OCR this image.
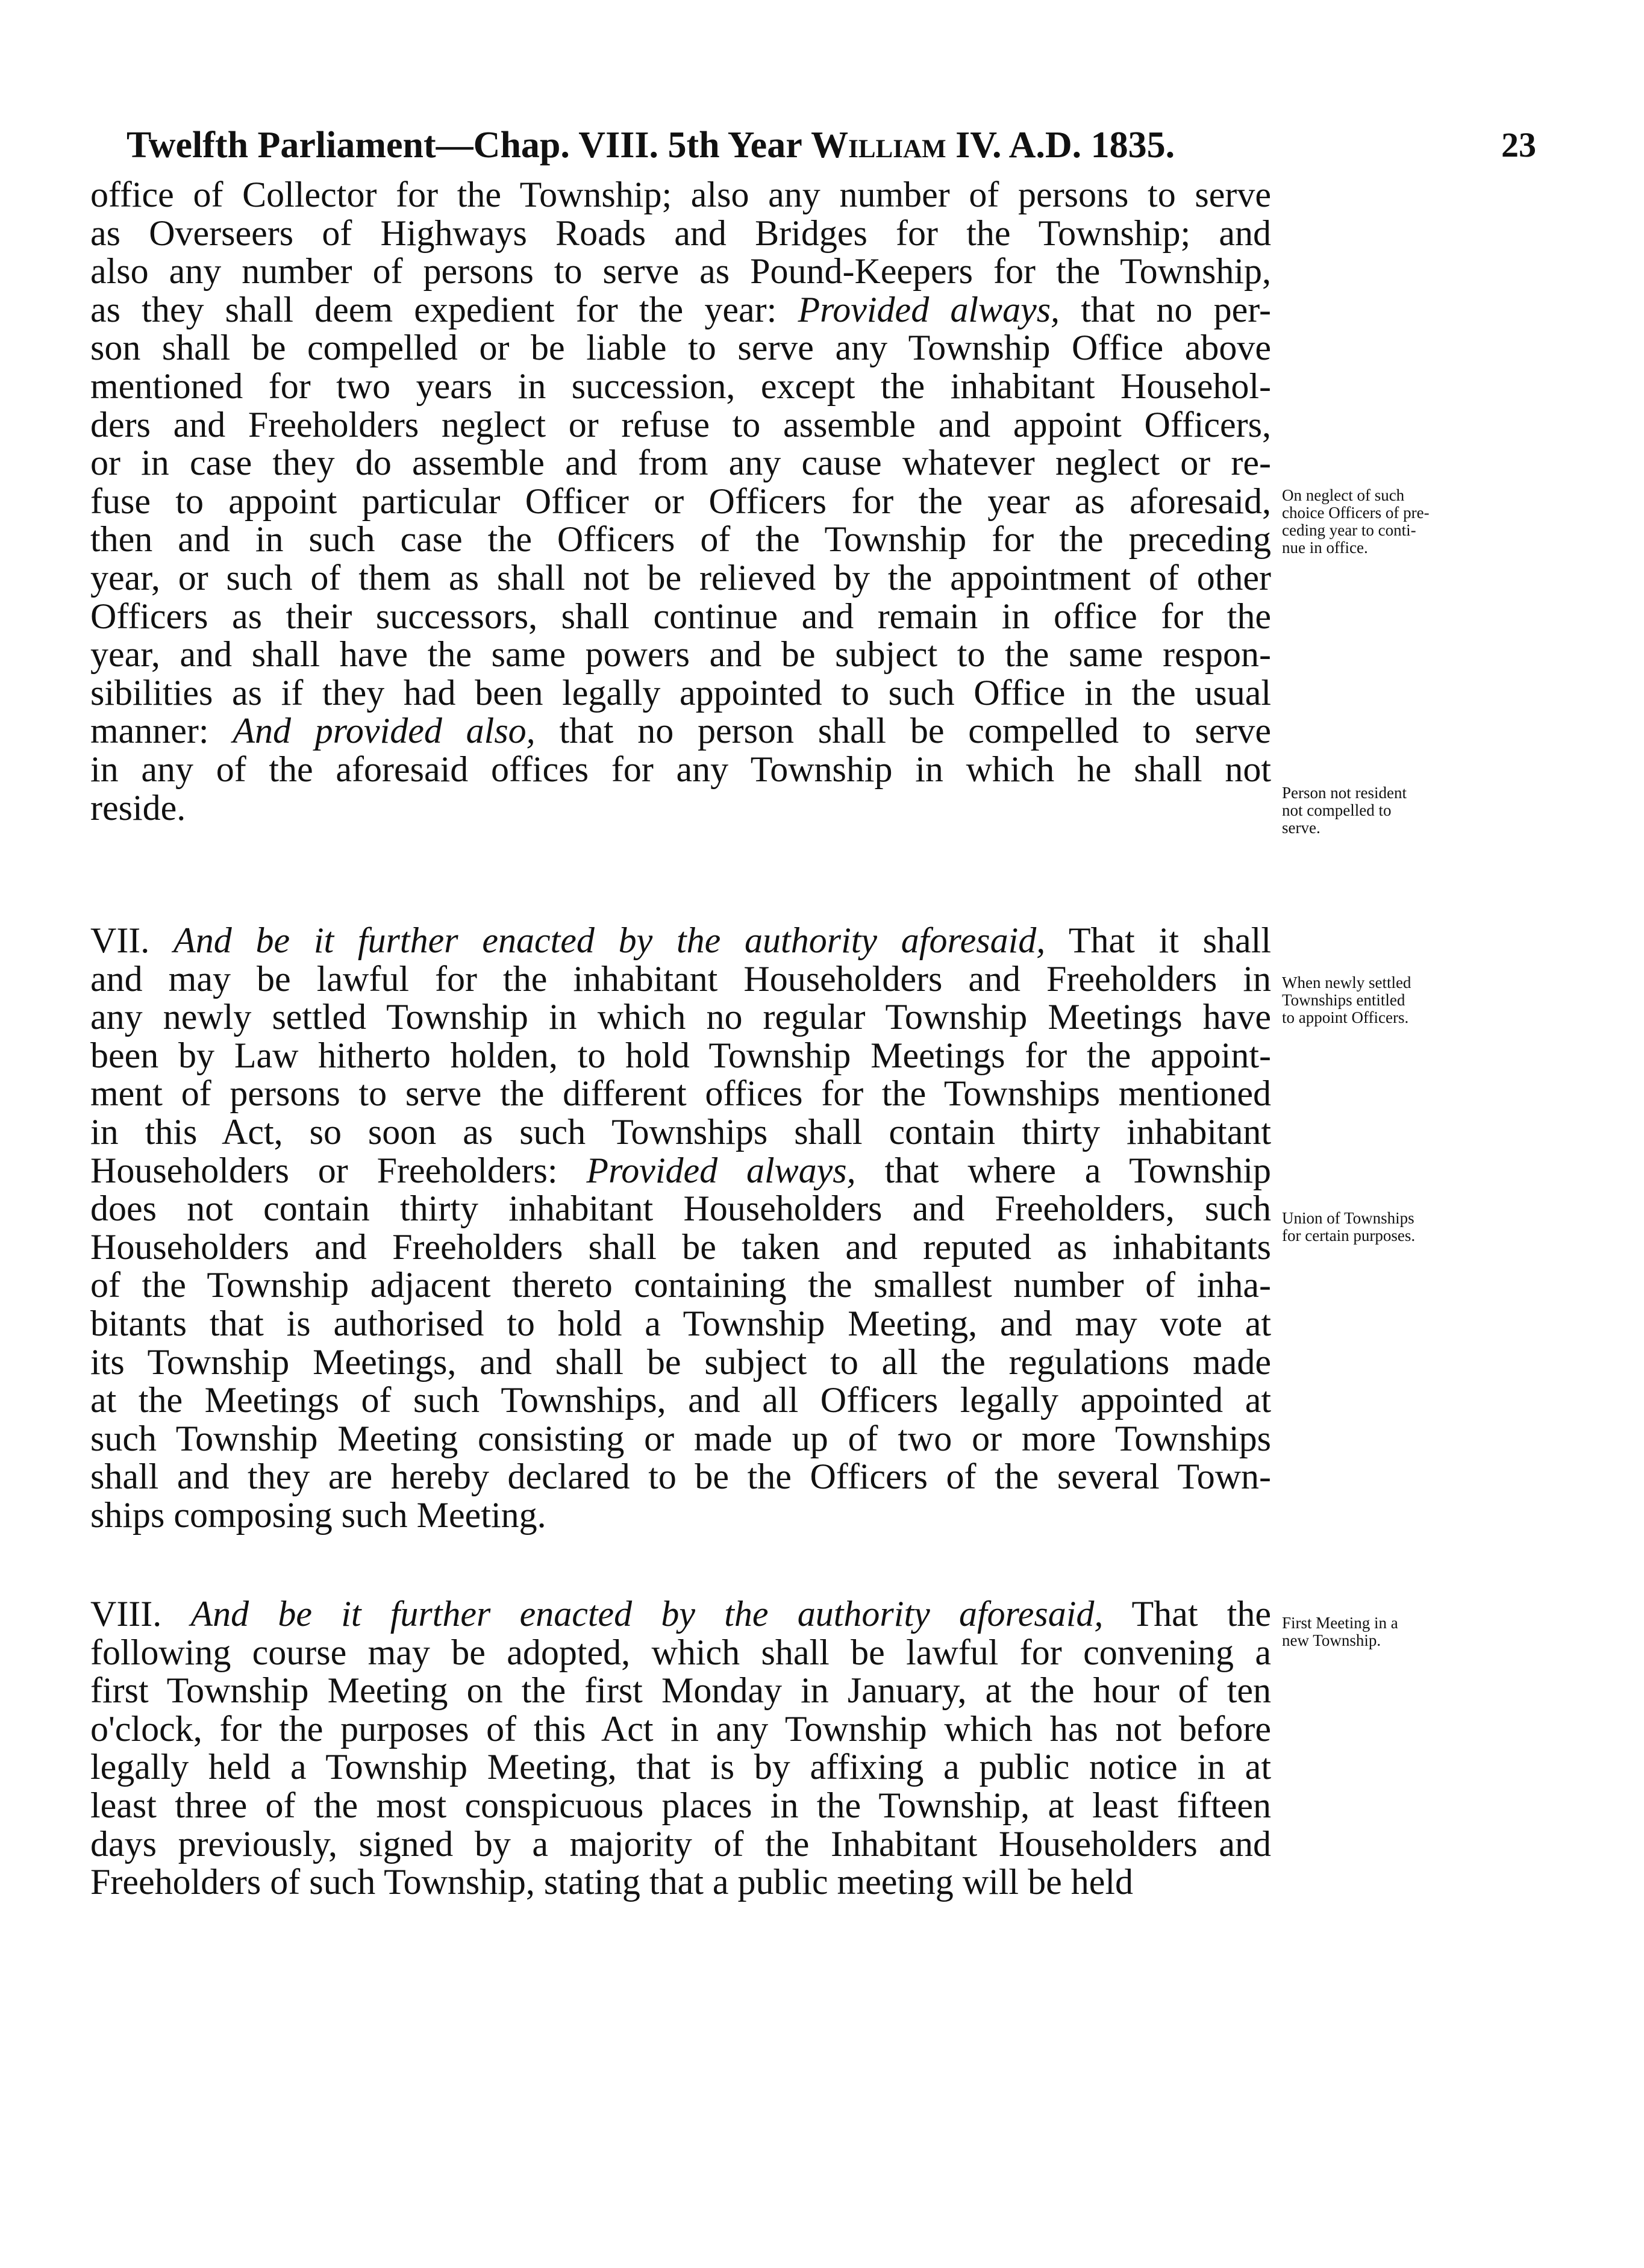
Twelfth Parliament—Chap. VIII. 5th Year William IV. A.D. 1835.	23
office of Collector for the Township; also any number of persons to serve
as Overseers of Highways Roads and Bridges for the Township; and
also any number of persons to serve as Pound-Keepers for the Township,
as they shall deem expedient for the year: Provided always, that no per-
son shall be compelled or be liable to serve any Township Office above
mentioned for two years in succession, except the inhabitant Househol-
ders and Freeholders neglect or refuse to assemble and appoint Officers,
or in case they do assemble and from any cause whatever neglect or re-
fuse to appoint particular Officer or Officers for the year as aforesaid,
then and in such case the Officers of the Township for the preceding
year, or such of them as shall not be relieved by the appointment of other
Officers as their successors, shall continue and remain in office for the
year, and shall have the same powers and be subject to the same respon-
sibilities as if they had been legally appointed to such Office in the usual
manner: And provided also, that no person shall be compelled to serve
in any of the aforesaid offices for any Township in which he shall not
reside.
VII. And be it further enacted by the authority aforesaid, That it shall
and may be lawful for the inhabitant Householders and Freeholders in
any newly settled Township in which no regular Township Meetings have
been by Law hitherto holden, to hold Township Meetings for the appoint-
ment of persons to serve the different offices for the Townships mentioned
in this Act, so soon as such Townships shall contain thirty inhabitant
Householders or Freeholders: Provided always, that where a Township
does not contain thirty inhabitant Householders and Freeholders, such
Householders and Freeholders shall be taken and reputed as inhabitants
of the Township adjacent thereto containing the smallest number of inha-
bitants that is authorised to hold a Township Meeting, and may vote at
its Township Meetings, and shall be subject to all the regulations made
at the Meetings of such Townships, and all Officers legally appointed at
such Township Meeting consisting or made up of two or more Townships
shall and they are hereby declared to be the Officers of the several Town-
ships composing such Meeting.
VIII. And be it further enacted by the authority aforesaid, That the
following course may be adopted, which shall be lawful for convening a
first Township Meeting on the first Monday in January, at the hour of ten
o'clock, for the purposes of this Act in any Township which has not before
legally held a Township Meeting, that is by affixing a public notice in at
least three of the most conspicuous places in the Township, at least fifteen
days previously, signed by a majority of the Inhabitant Householders and
Freeholders of such Township, stating that a public meeting will be held
On neglect of such
choice Officers of pre-
ceding year to conti-
nue in office.
Person not resident
not compelled to
serve.
When newly settled
Townships entitled
to appoint Officers.
Union of Townships
for certain purposes.
First Meeting in a
new Township.
